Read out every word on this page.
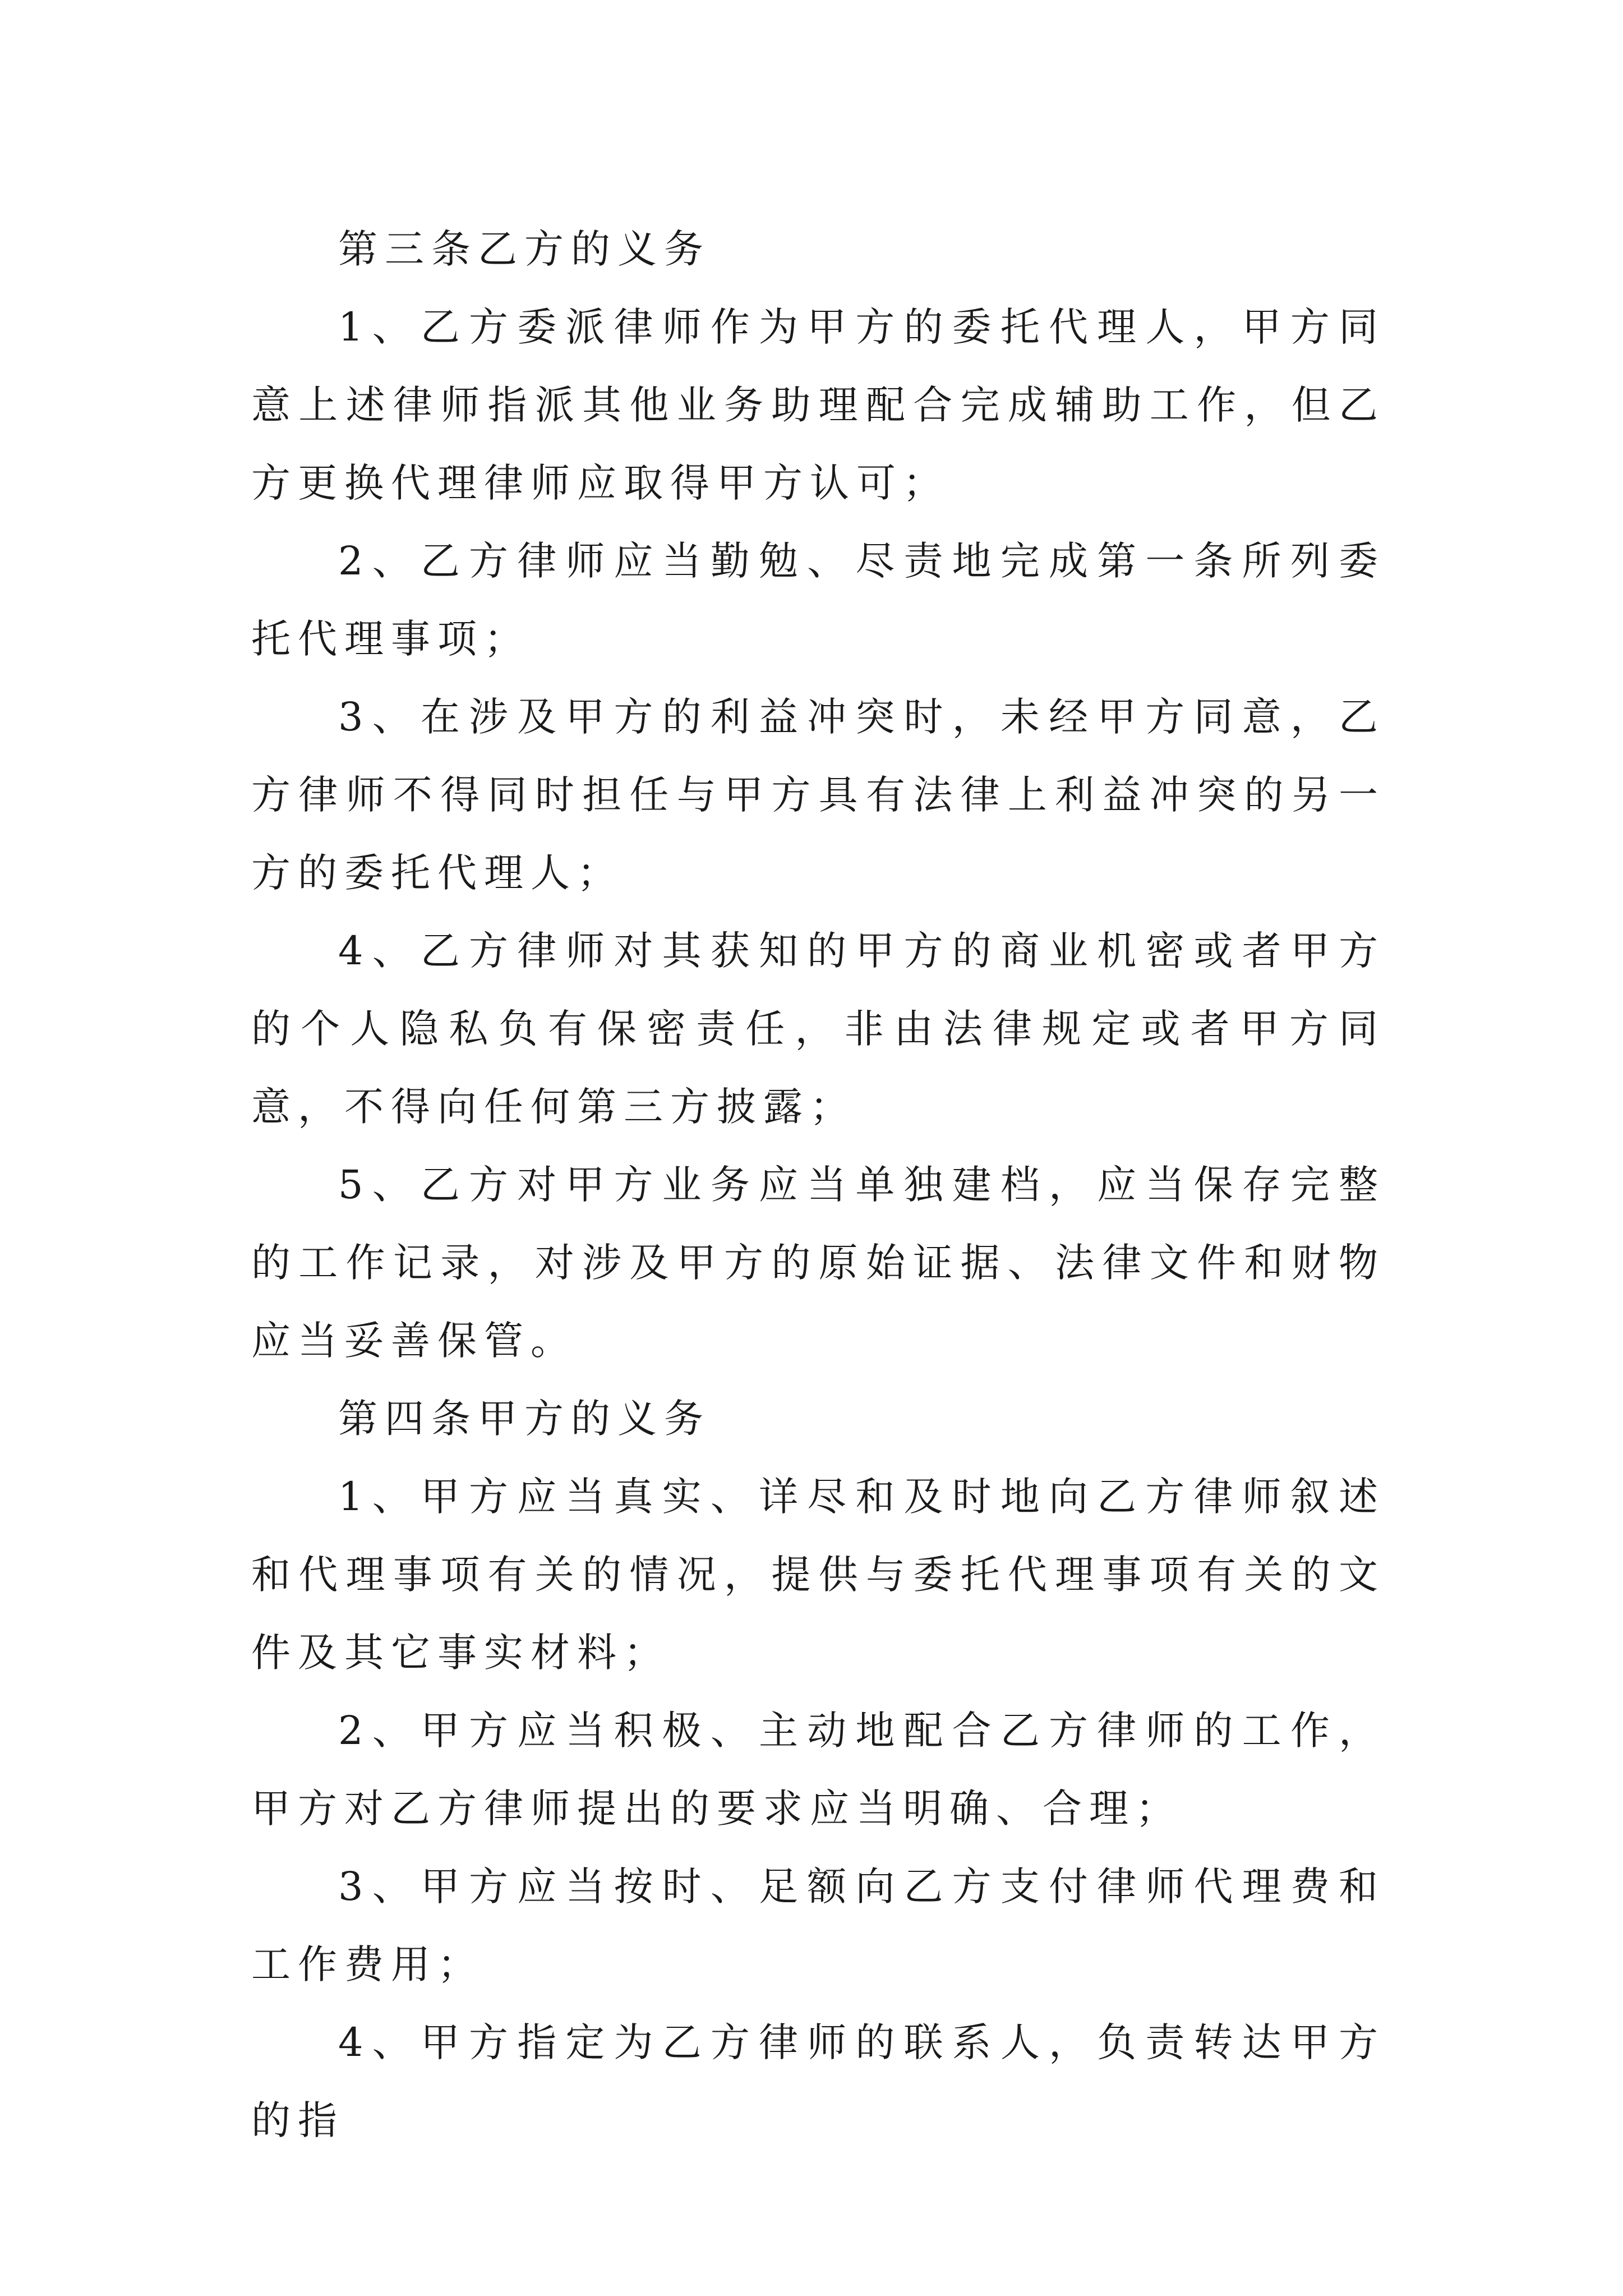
第三条乙方的义务

1、乙方委派律师作为甲方的委托代理人，甲方同意上述律师指派其他业务助理配合完成辅助工作，但乙方更换代理律师应取得甲方认可；

2、乙方律师应当勤勉、尽责地完成第一条所列委托代理事项；

3、在涉及甲方的利益冲突时，未经甲方同意，乙方律师不得同时担任与甲方具有法律上利益冲突的另一方的委托代理人；

4、乙方律师对其获知的甲方的商业机密或者甲方的个人隐私负有保密责任，非由法律规定或者甲方同意，不得向任何第三方披露；

5、乙方对甲方业务应当单独建档，应当保存完整的工作记录，对涉及甲方的原始证据、法律文件和财物应当妥善保管。

第四条甲方的义务

1、甲方应当真实、详尽和及时地向乙方律师叙述和代理事项有关的情况，提供与委托代理事项有关的文件及其它事实材料；

2、甲方应当积极、主动地配合乙方律师的工作，甲方对乙方律师提出的要求应当明确、合理；

3、甲方应当按时、足额向乙方支付律师代理费和工作费用；

4、甲方指定为乙方律师的联系人，负责转达甲方的指
